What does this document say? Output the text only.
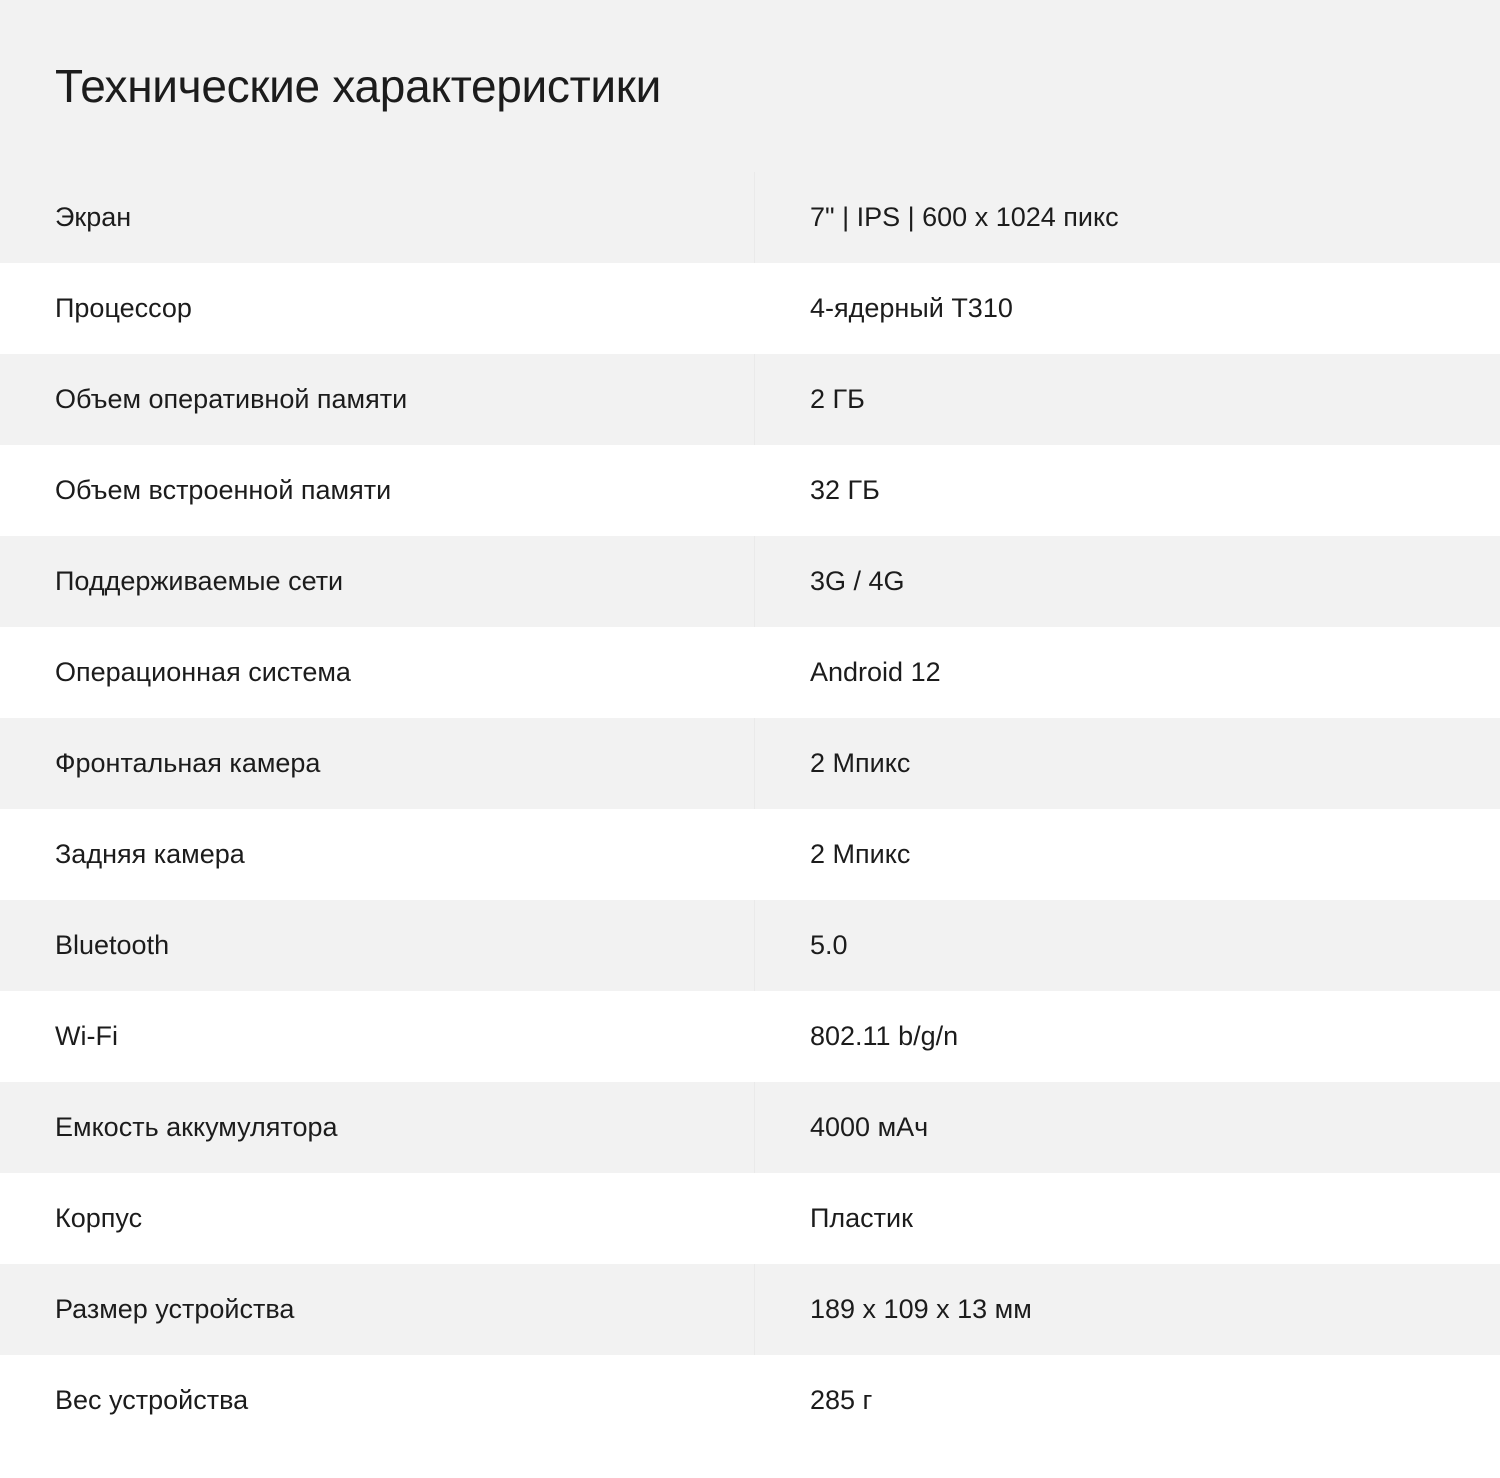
Технические характеристики
Экран	7" | IPS | 600 x 1024 пикс
Процессор	4-ядерный T310
Объем оперативной памяти	2 ГБ
Объем встроенной памяти	32 ГБ
Поддерживаемые сети	3G / 4G
Операционная система	Android 12
Фронтальная камера	2 Мпикс
Задняя камера	2 Мпикс
Bluetooth	5.0
Wi-Fi	802.11 b/g/n
Емкость аккумулятора	4000 мАч
Корпус	Пластик
Размер устройства	189 x 109 x 13 мм
Вес устройства	285 г
